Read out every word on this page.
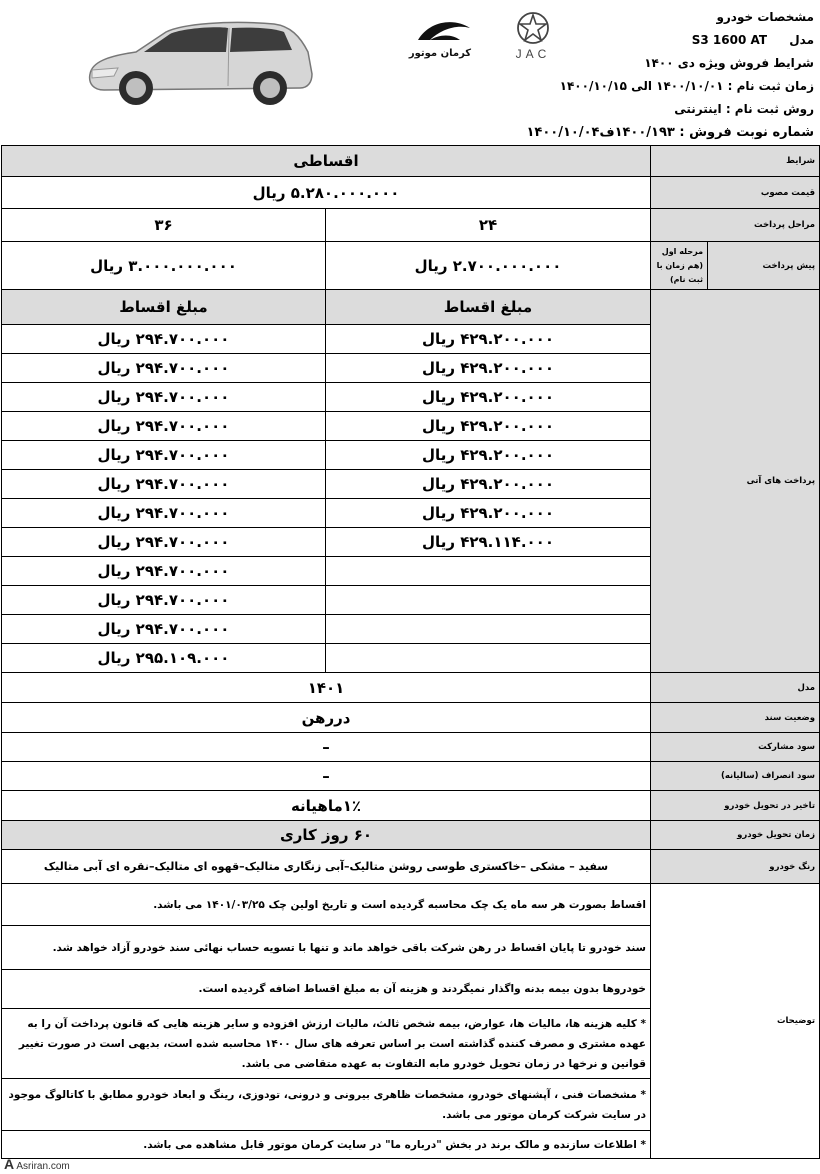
مشخصات خودرو
مدل S3 1600 AT
شرایط فروش ویژه دی ۱۴۰۰
زمان ثبت نام : ۱۴۰۰/۱۰/۰۱ الی ۱۴۰۰/۱۰/۱۵
روش ثبت نام : اینترنتی
شماره نوبت فروش : ۱۴۰۰/۱۹۳ف۱۴۰۰/۱۰/۰۴
JAC
کرمان موتور
شرایط		اقساطی	
قیمت مصوب		۵.۲۸۰.۰۰۰.۰۰۰ ریال	
مراحل پرداخت		۲۴	۳۶
پیش پرداخت	مرحله اول (هم زمان با ثبت نام)	۲.۷۰۰.۰۰۰.۰۰۰ ریال	۳.۰۰۰.۰۰۰.۰۰۰ ریال
پرداخت های آتی		مبلغ اقساط	مبلغ اقساط
		۴۲۹.۲۰۰.۰۰۰ ریال	۲۹۴.۷۰۰.۰۰۰ ریال
		۴۲۹.۲۰۰.۰۰۰ ریال	۲۹۴.۷۰۰.۰۰۰ ریال
		۴۲۹.۲۰۰.۰۰۰ ریال	۲۹۴.۷۰۰.۰۰۰ ریال
		۴۲۹.۲۰۰.۰۰۰ ریال	۲۹۴.۷۰۰.۰۰۰ ریال
		۴۲۹.۲۰۰.۰۰۰ ریال	۲۹۴.۷۰۰.۰۰۰ ریال
		۴۲۹.۲۰۰.۰۰۰ ریال	۲۹۴.۷۰۰.۰۰۰ ریال
		۴۲۹.۲۰۰.۰۰۰ ریال	۲۹۴.۷۰۰.۰۰۰ ریال
		۴۲۹.۱۱۴.۰۰۰ ریال	۲۹۴.۷۰۰.۰۰۰ ریال
			۲۹۴.۷۰۰.۰۰۰ ریال
			۲۹۴.۷۰۰.۰۰۰ ریال
			۲۹۴.۷۰۰.۰۰۰ ریال
			۲۹۵.۱۰۹.۰۰۰ ریال
مدل		۱۴۰۱	
وضعیت سند		دررهن	
سود مشارکت		–	
سود انصراف (سالیانه)		–	
تاخیر در تحویل خودرو		۱٪ماهیانه	
زمان تحویل خودرو		۶۰ روز کاری	
رنگ خودرو		سفید – مشکی –خاکستری طوسی روشن متالیک–آبی زنگاری متالیک–قهوه ای متالیک–نقره ای آبی متالیک	
توضیحات		اقساط بصورت هر سه ماه یک چک محاسبه گردیده است و تاریخ اولین چک ۱۴۰۱/۰۳/۲۵ می باشد.	
		سند خودرو تا پایان اقساط در رهن شرکت باقی خواهد ماند و تنها با تسویه حساب نهائی سند خودرو آزاد خواهد شد.	
		خودروها بدون بیمه بدنه واگذار نمیگردند و هزینه آن به مبلغ اقساط اضافه گردیده است.	
		* کلیه هزینه ها، مالیات ها، عوارض، بیمه شخص ثالث، مالیات ارزش افزوده و سایر هزینه هایی که قانون پرداخت آن را به عهده مشتری و مصرف کننده گذاشته است بر اساس تعرفه های سال ۱۴۰۰ محاسبه شده است، بدیهی است در صورت تغییر قوانین و نرخها در زمان تحویل خودرو مابه التفاوت به عهده متقاضی می باشد.	
		* مشخصات فنی ، آپشنهای خودرو، مشخصات ظاهری بیرونی و درونی، تودوزی، رینگ و ابعاد خودرو مطابق با کاتالوگ موجود در سایت شرکت کرمان موتور می باشد.	
		* اطلاعات سازنده و مالک برند در بخش "درباره ما" در سایت کرمان موتور قابل مشاهده می باشد.	
A Asriran.com
